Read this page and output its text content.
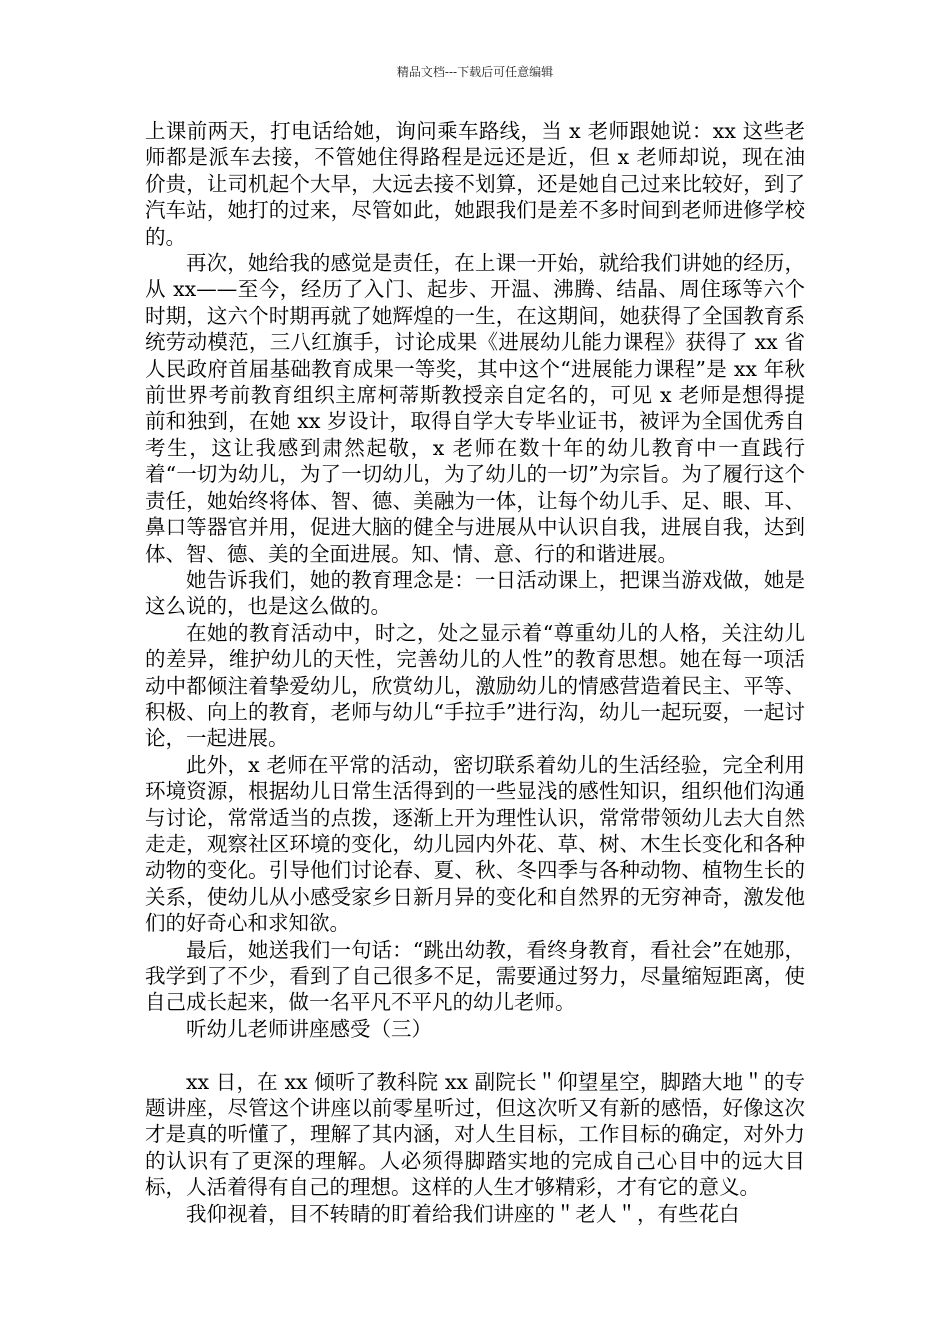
精品文档---下载后可任意编辑

上课前两天，打电话给她，询问乘车路线，当 x 老师跟她说：xx 这些老师都是派车去接，不管她住得路程是远还是近，但 x 老师却说，现在油价贵，让司机起个大早，大远去接不划算，还是她自己过来比较好，到了汽车站，她打的过来，尽管如此，她跟我们是差不多时间到老师进修学校的。

再次，她给我的感觉是责任，在上课一开始，就给我们讲她的经历，从 xx——至今，经历了入门、起步、开温、沸腾、结晶、周住琢等六个时期，这六个时期再就了她辉煌的一生，在这期间，她获得了全国教育系统劳动模范，三八红旗手，讨论成果《进展幼儿能力课程》获得了 xx 省人民政府首届基础教育成果一等奖，其中这个“进展能力课程”是 xx 年秋前世界考前教育组织主席柯蒂斯教授亲自定名的，可见 x 老师是想得提前和独到，在她 xx 岁设计，取得自学大专毕业证书，被评为全国优秀自考生，这让我感到肃然起敬，x 老师在数十年的幼儿教育中一直践行着“一切为幼儿，为了一切幼儿，为了幼儿的一切”为宗旨。为了履行这个责任，她始终将体、智、德、美融为一体，让每个幼儿手、足、眼、耳、鼻口等器官并用，促进大脑的健全与进展从中认识自我，进展自我，达到体、智、德、美的全面进展。知、情、意、行的和谐进展。

她告诉我们，她的教育理念是：一日活动课上，把课当游戏做，她是这么说的，也是这么做的。

在她的教育活动中，时之，处之显示着“尊重幼儿的人格，关注幼儿的差异，维护幼儿的天性，完善幼儿的人性”的教育思想。她在每一项活动中都倾注着挚爱幼儿，欣赏幼儿，激励幼儿的情感营造着民主、平等、积极、向上的教育，老师与幼儿“手拉手”进行沟，幼儿一起玩耍，一起讨论，一起进展。

此外，x 老师在平常的活动，密切联系着幼儿的生活经验，完全利用环境资源，根据幼儿日常生活得到的一些显浅的感性知识，组织他们沟通与讨论，常常适当的点拨，逐渐上开为理性认识，常常带领幼儿去大自然走走，观察社区环境的变化，幼儿园内外花、草、树、木生长变化和各种动物的变化。引导他们讨论春、夏、秋、冬四季与各种动物、植物生长的关系，使幼儿从小感受家乡日新月异的变化和自然界的无穷神奇，激发他们的好奇心和求知欲。

最后，她送我们一句话：“跳出幼教，看终身教育，看社会”在她那，我学到了不少，看到了自己很多不足，需要通过努力，尽量缩短距离，使自己成长起来，做一名平凡不平凡的幼儿老师。

听幼儿老师讲座感受（三）

xx 日，在 xx 倾听了教科院 xx 副院长＂仰望星空，脚踏大地＂的专题讲座，尽管这个讲座以前零星听过，但这次听又有新的感悟，好像这次才是真的听懂了，理解了其内涵，对人生目标，工作目标的确定，对外力的认识有了更深的理解。人必须得脚踏实地的完成自己心目中的远大目标，人活着得有自己的理想。这样的人生才够精彩，才有它的意义。

我仰视着，目不转睛的盯着给我们讲座的＂老人＂，有些花白
